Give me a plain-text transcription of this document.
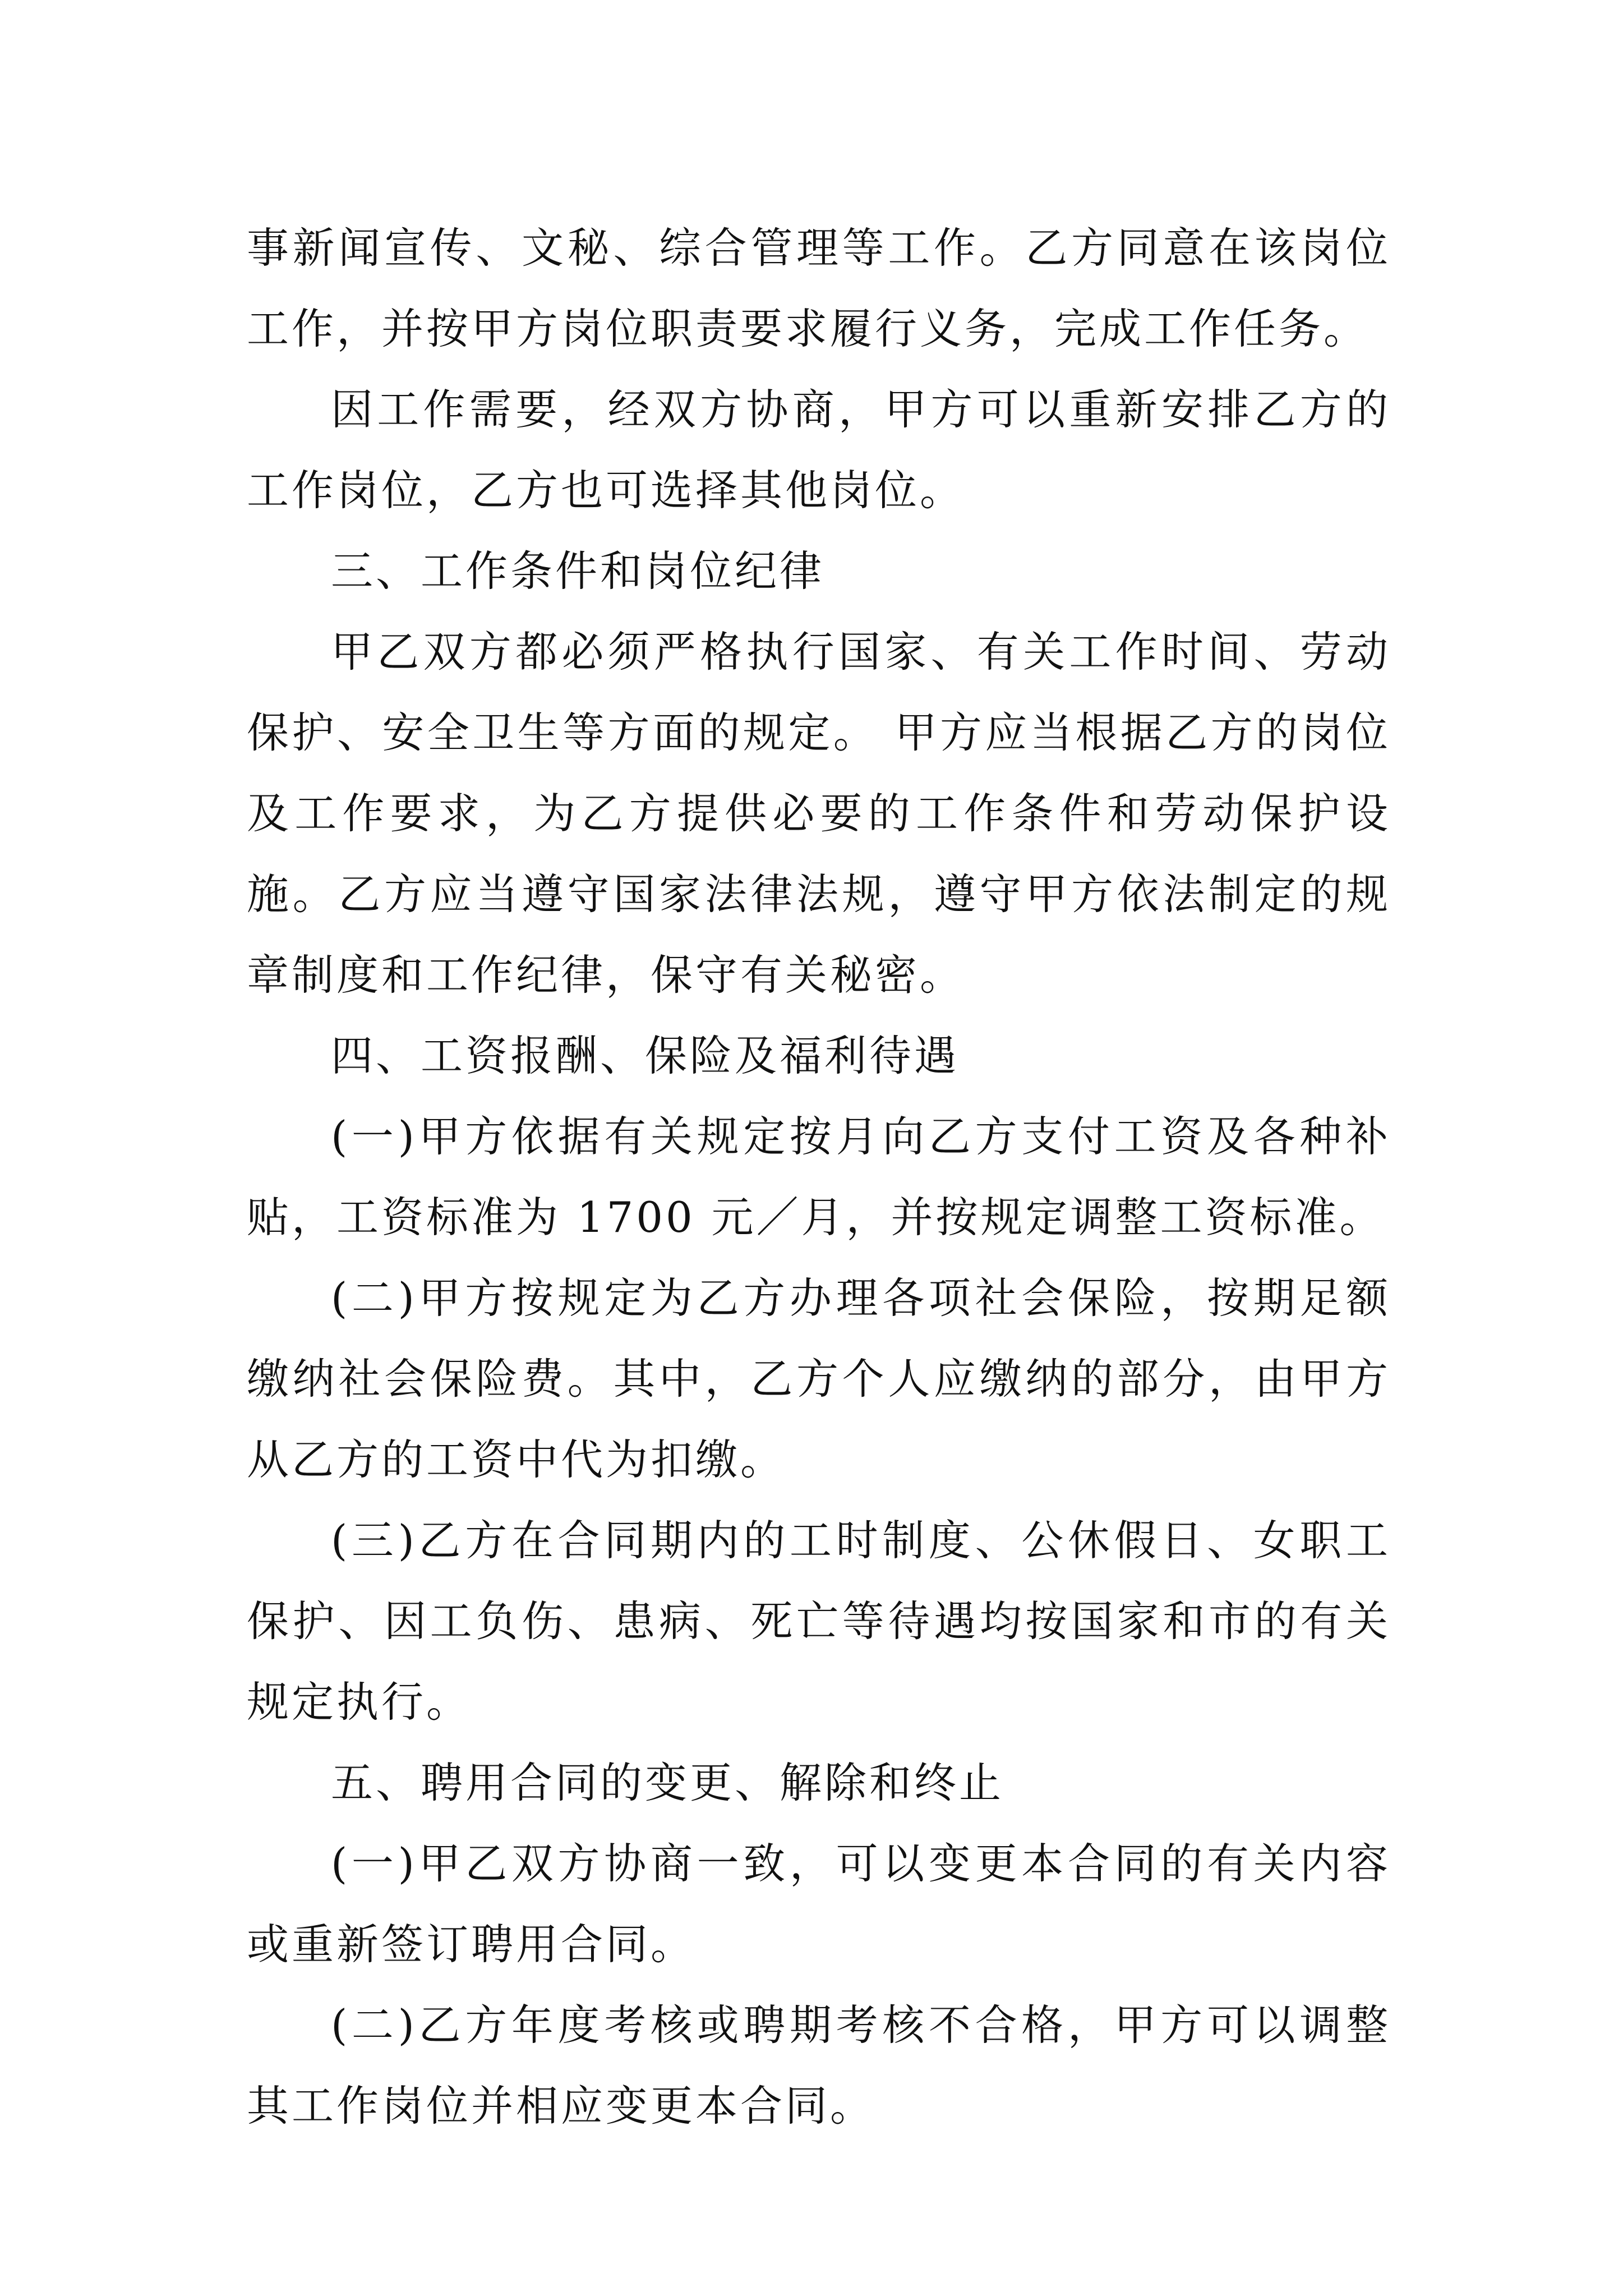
事新闻宣传、文秘、综合管理等工作。乙方同意在该岗位工作，并按甲方岗位职责要求履行义务，完成工作任务。

因工作需要，经双方协商，甲方可以重新安排乙方的工作岗位，乙方也可选择其他岗位。

三、工作条件和岗位纪律

甲乙双方都必须严格执行国家、有关工作时间、劳动保护、安全卫生等方面的规定。 甲方应当根据乙方的岗位及工作要求，为乙方提供必要的工作条件和劳动保护设施。乙方应当遵守国家法律法规，遵守甲方依法制定的规章制度和工作纪律，保守有关秘密。

四、工资报酬、保险及福利待遇

(一)甲方依据有关规定按月向乙方支付工资及各种补贴，工资标准为 1700 元／月，并按规定调整工资标准。

(二)甲方按规定为乙方办理各项社会保险，按期足额缴纳社会保险费。其中，乙方个人应缴纳的部分，由甲方从乙方的工资中代为扣缴。

(三)乙方在合同期内的工时制度、公休假日、女职工保护、因工负伤、患病、死亡等待遇均按国家和市的有关规定执行。

五、聘用合同的变更、解除和终止

(一)甲乙双方协商一致，可以变更本合同的有关内容或重新签订聘用合同。

(二)乙方年度考核或聘期考核不合格，甲方可以调整其工作岗位并相应变更本合同。
